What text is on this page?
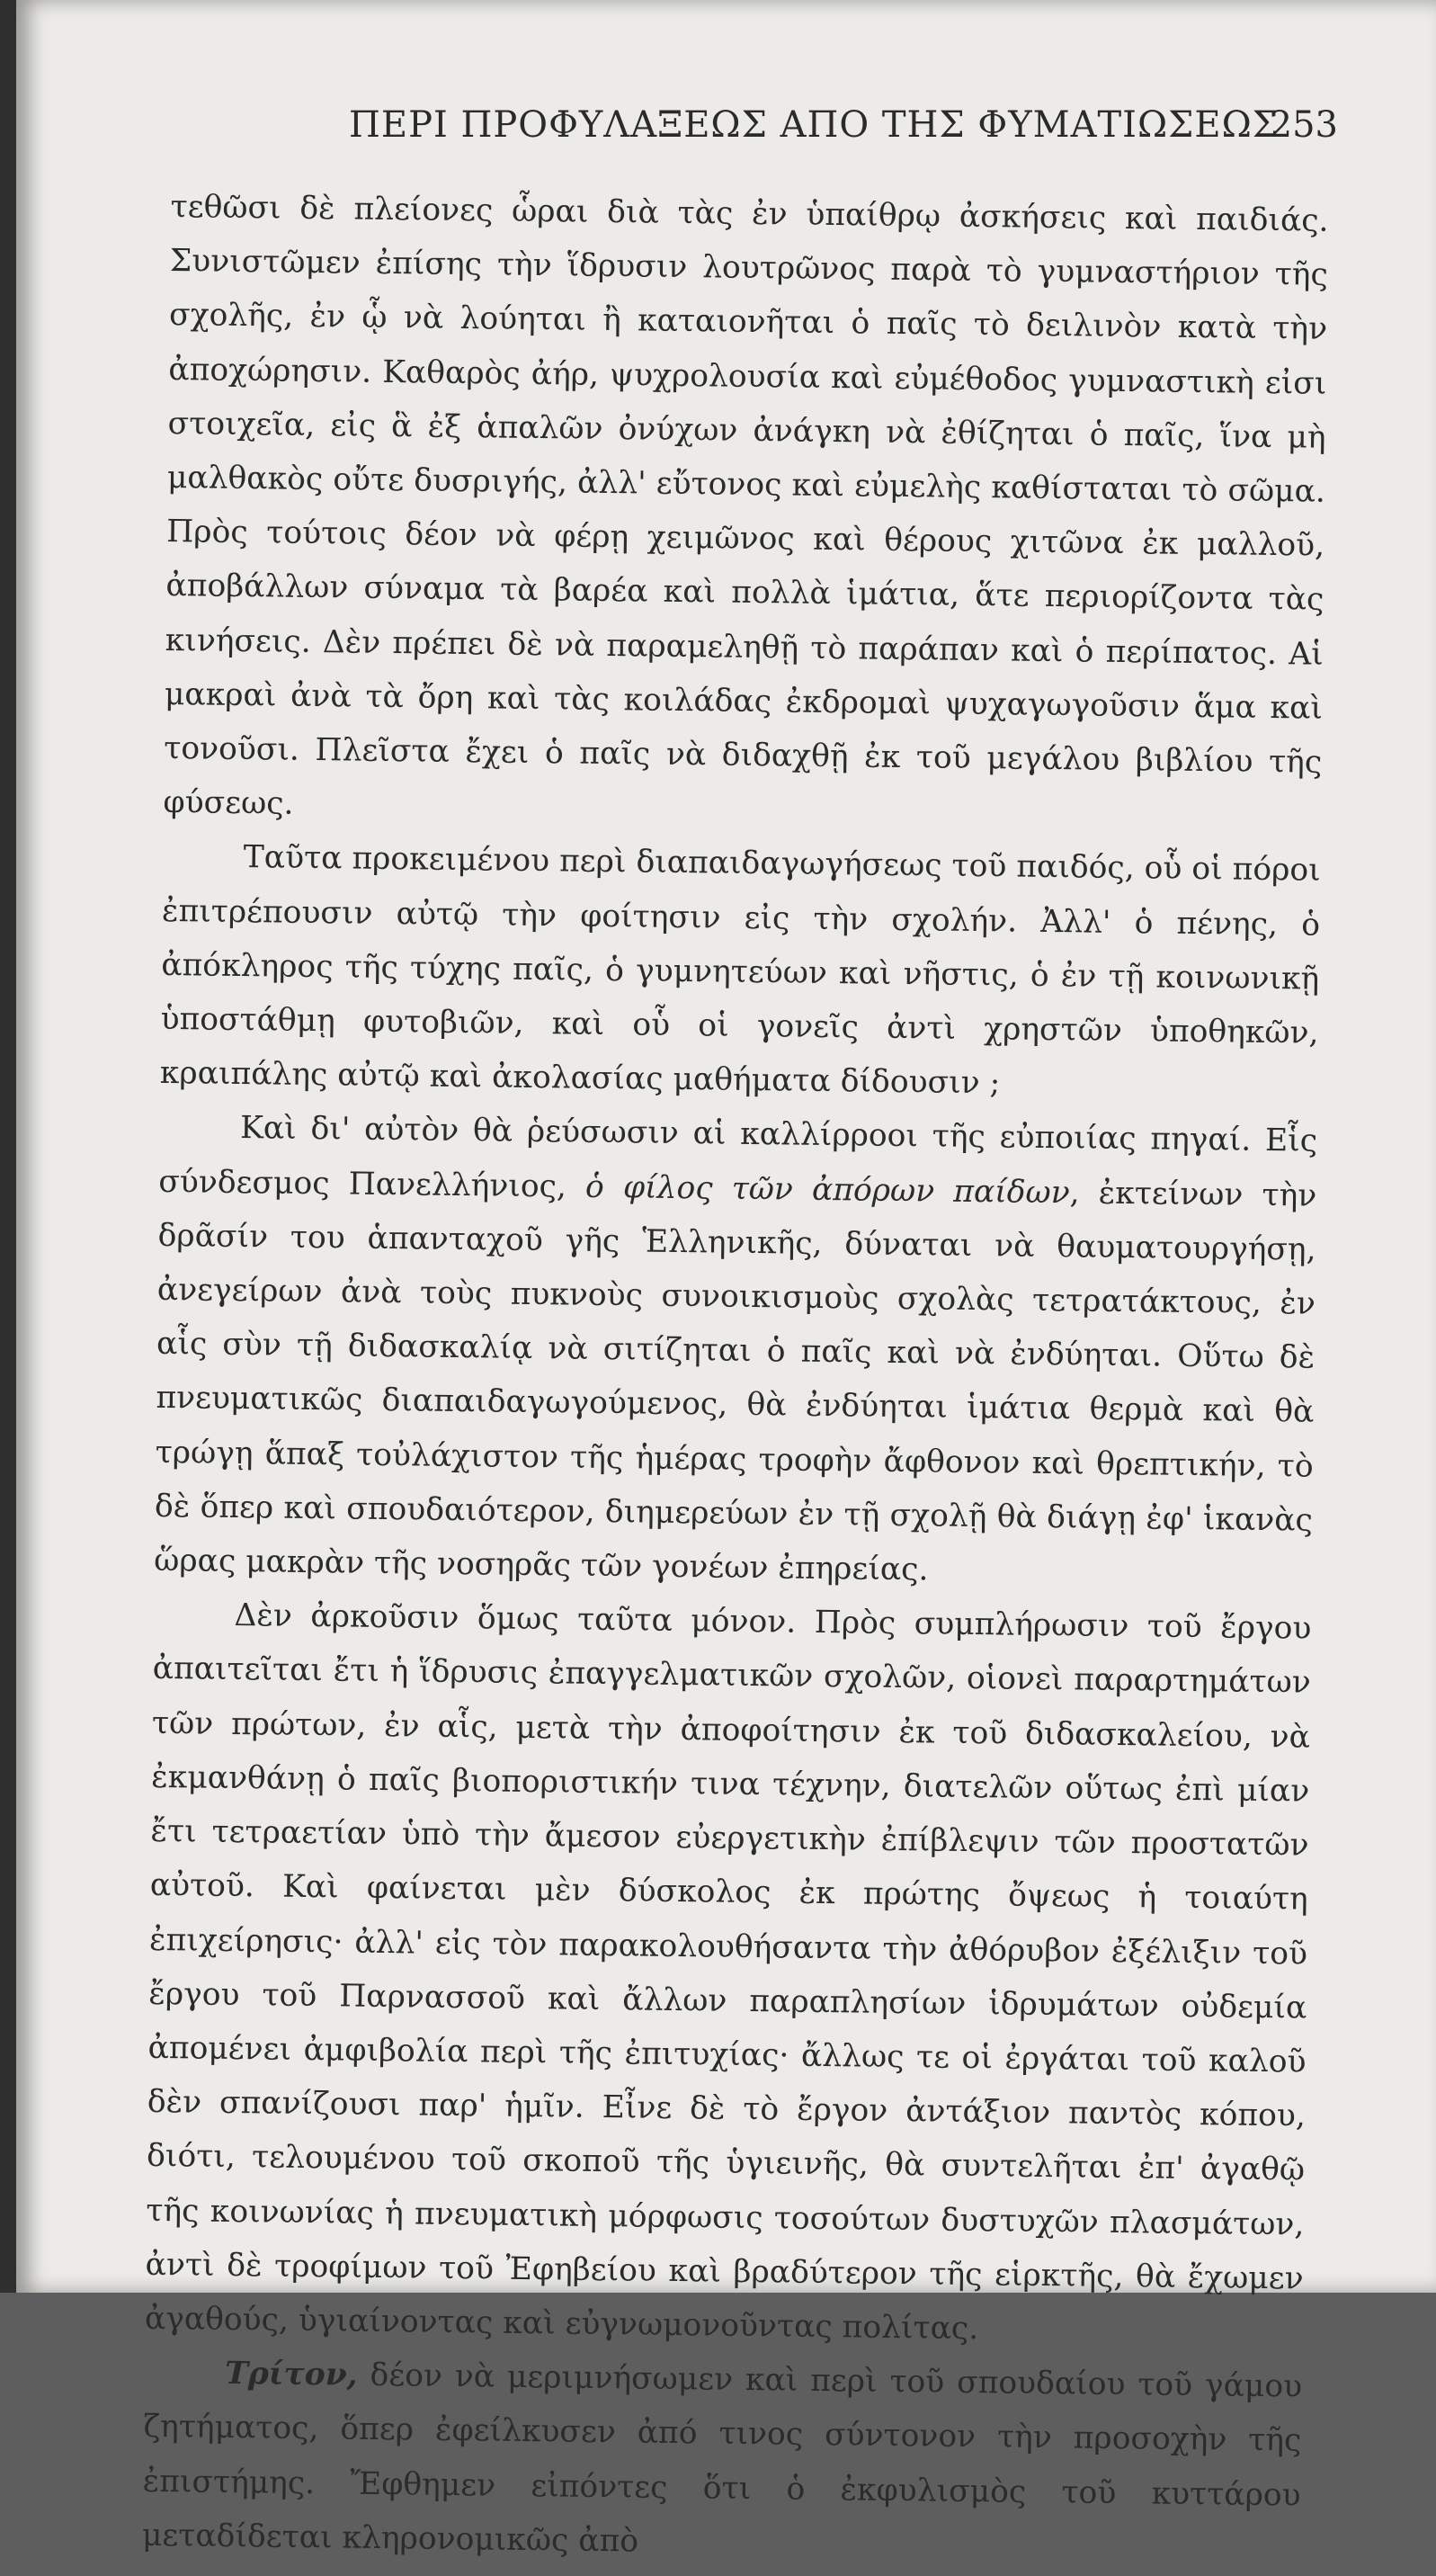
ΠΕΡΙ ΠΡΟΦΥΛΑΞΕΩΣ ΑΠΟ ΤΗΣ ΦΥΜΑΤΙΩΣΕΩΣ
253

τεθῶσι δὲ πλείονες ὧραι διὰ τὰς ἐν ὑπαίθρῳ ἀσκήσεις καὶ παιδιάς. Συνιστῶμεν ἐπίσης τὴν ἵδρυσιν λουτρῶνος παρὰ τὸ γυμναστήριον τῆς σχολῆς, ἐν ᾧ νὰ λούηται ἢ καταιονῆται ὁ παῖς τὸ δειλινὸν κατὰ τὴν ἀποχώρησιν. Καθαρὸς ἀήρ, ψυχρολουσία καὶ εὐμέθοδος γυμναστικὴ εἰσι στοιχεῖα, εἰς ἃ ἐξ ἁπαλῶν ὀνύχων ἀνάγκη νὰ ἐθίζηται ὁ παῖς, ἵνα μὴ μαλθακὸς οὔτε δυσριγής, ἀλλ' εὔτονος καὶ εὐμελὴς καθίσταται τὸ σῶμα. Πρὸς τούτοις δέον νὰ φέρῃ χειμῶνος καὶ θέρους χιτῶνα ἐκ μαλλοῦ, ἀποβάλλων σύναμα τὰ βαρέα καὶ πολλὰ ἱμάτια, ἅτε περιορίζοντα τὰς κινήσεις. Δὲν πρέπει δὲ νὰ παραμεληθῇ τὸ παράπαν καὶ ὁ περίπατος. Αἱ μακραὶ ἀνὰ τὰ ὄρη καὶ τὰς κοιλάδας ἐκδρομαὶ ψυχαγωγοῦσιν ἅμα καὶ τονοῦσι. Πλεῖστα ἔχει ὁ παῖς νὰ διδαχθῇ ἐκ τοῦ μεγάλου βιβλίου τῆς φύσεως.

Ταῦτα προκειμένου περὶ διαπαιδαγωγήσεως τοῦ παιδός, οὗ οἱ πόροι ἐπιτρέπουσιν αὐτῷ τὴν φοίτησιν εἰς τὴν σχολήν. Ἀλλ' ὁ πένης, ὁ ἀπόκληρος τῆς τύχης παῖς, ὁ γυμνητεύων καὶ νῆστις, ὁ ἐν τῇ κοινωνικῇ ὑποστάθμῃ φυτοβιῶν, καὶ οὗ οἱ γονεῖς ἀντὶ χρηστῶν ὑποθηκῶν, κραιπάλης αὐτῷ καὶ ἀκολασίας μαθήματα δίδουσιν ;

Καὶ δι' αὐτὸν θὰ ῥεύσωσιν αἱ καλλίρροοι τῆς εὐποιίας πηγαί. Εἷς σύνδεσμος Πανελλήνιος, ὁ φίλος τῶν ἀπόρων παίδων, ἐκτείνων τὴν δρᾶσίν του ἁπανταχοῦ γῆς Ἑλληνικῆς, δύναται νὰ θαυματουργήσῃ, ἀνεγείρων ἀνὰ τοὺς πυκνοὺς συνοικισμοὺς σχολὰς τετρατάκτους, ἐν αἷς σὺν τῇ διδασκαλίᾳ νὰ σιτίζηται ὁ παῖς καὶ νὰ ἐνδύηται. Οὕτω δὲ πνευματικῶς διαπαιδαγωγούμενος, θὰ ἐνδύηται ἱμάτια θερμὰ καὶ θὰ τρώγῃ ἅπαξ τοὐλάχιστον τῆς ἡμέρας τροφὴν ἄφθονον καὶ θρεπτικήν, τὸ δὲ ὅπερ καὶ σπουδαιότερον, διημερεύων ἐν τῇ σχολῇ θὰ διάγῃ ἐφ' ἱκανὰς ὥρας μακρὰν τῆς νοσηρᾶς τῶν γονέων ἐπηρείας.

Δὲν ἀρκοῦσιν ὅμως ταῦτα μόνον. Πρὸς συμπλήρωσιν τοῦ ἔργου ἀπαιτεῖται ἔτι ἡ ἵδρυσις ἐπαγγελματικῶν σχολῶν, οἱονεὶ παραρτημάτων τῶν πρώτων, ἐν αἷς, μετὰ τὴν ἀποφοίτησιν ἐκ τοῦ διδασκαλείου, νὰ ἐκμανθάνῃ ὁ παῖς βιοποριστικήν τινα τέχνην, διατελῶν οὕτως ἐπὶ μίαν ἔτι τετραετίαν ὑπὸ τὴν ἄμεσον εὐεργετικὴν ἐπίβλεψιν τῶν προστατῶν αὐτοῦ. Καὶ φαίνεται μὲν δύσκολος ἐκ πρώτης ὄψεως ἡ τοιαύτη ἐπιχείρησις· ἀλλ' εἰς τὸν παρακολουθήσαντα τὴν ἀθόρυβον ἐξέλιξιν τοῦ ἔργου τοῦ Παρνασσοῦ καὶ ἄλλων παραπλησίων ἱδρυμάτων οὐδεμία ἀπομένει ἀμφιβολία περὶ τῆς ἐπιτυχίας· ἄλλως τε οἱ ἐργάται τοῦ καλοῦ δὲν σπανίζουσι παρ' ἡμῖν. Εἶνε δὲ τὸ ἔργον ἀντάξιον παντὸς κόπου, διότι, τελουμένου τοῦ σκοποῦ τῆς ὑγιεινῆς, θὰ συντελῆται ἐπ' ἀγαθῷ τῆς κοινωνίας ἡ πνευματικὴ μόρφωσις τοσούτων δυστυχῶν πλασμάτων, ἀντὶ δὲ τροφίμων τοῦ Ἐφηβείου καὶ βραδύτερον τῆς εἱρκτῆς, θὰ ἔχωμεν ἀγαθούς, ὑγιαίνοντας καὶ εὐγνωμονοῦντας πολίτας.

Τρίτον, δέον νὰ μεριμνήσωμεν καὶ περὶ τοῦ σπουδαίου τοῦ γάμου ζητήματος, ὅπερ ἐφείλκυσεν ἀπό τινος σύντονον τὴν προσοχὴν τῆς ἐπιστήμης. Ἔφθημεν εἰπόντες ὅτι ὁ ἐκφυλισμὸς τοῦ κυττάρου μεταδίδεται κληρονομικῶς ἀπὸ
